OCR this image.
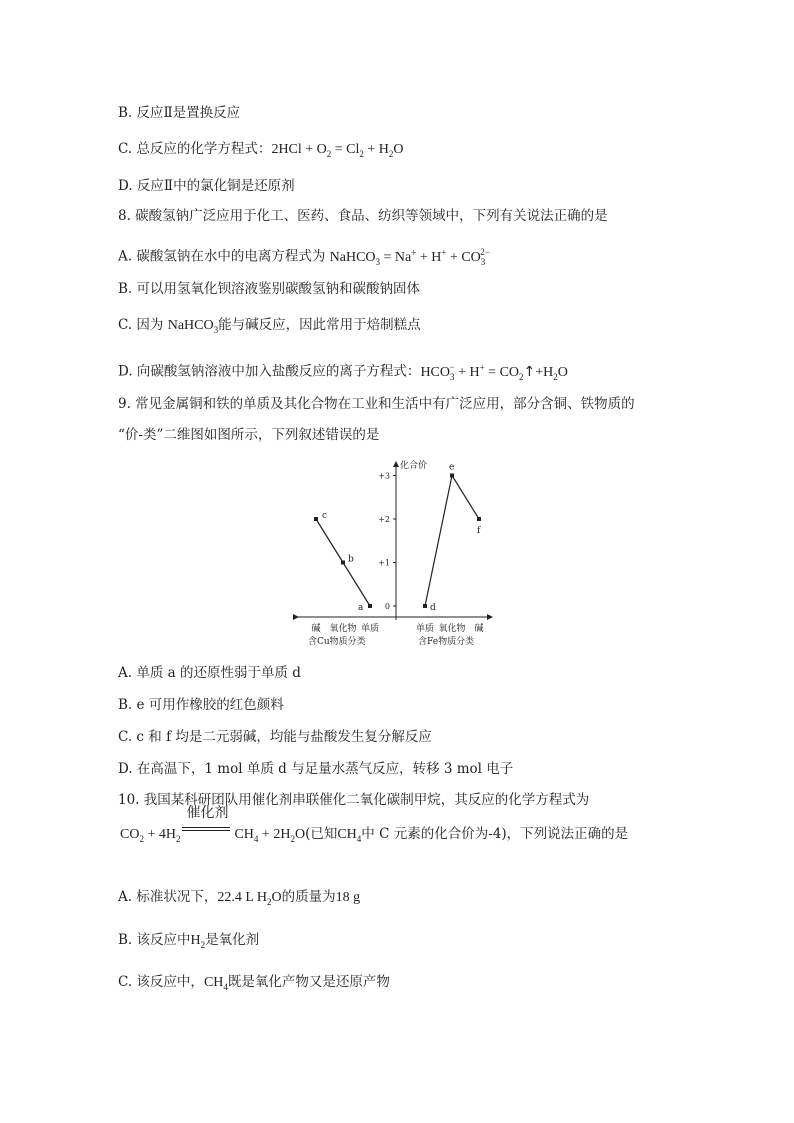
B. 反应Ⅱ是置换反应
C. 总反应的化学方程式：$2HCl + O_2 = Cl_2 + H_2O$
D. 反应Ⅱ中的氯化铜是还原剂
8. 碳酸氢钠广泛应用于化工、医药、食品、纺织等领域中，下列有关说法正确的是
A. 碳酸氢钠在水中的电离方程式为 NaHCO$_3$ = $Na^+ + H^+ + CO_3^{2-}$
B. 可以用氢氧化钡溶液鉴别碳酸氢钠和碳酸钠固体
C. 因为 NaHCO$_3$能与碱反应，因此常用于焙制糕点
D. 向碳酸氢钠溶液中加入盐酸反应的离子方程式：$HCO_3^- + H^+$ = $CO_2↑+H_2O$
9. 常见金属铜和铁的单质及其化合物在工业和生活中有广泛应用，部分含铜、铁物质的
“价-类”二维图如图所示，下列叙述错误的是
化合价
+3
+2
+1
0
碱 氧化物 单质	单质 氧化物 碱
含Cu物质分类	含Fe物质分类
c
b
a	d
e
f
A. 单质 a 的还原性弱于单质 d
B. e 可用作橡胶的红色颜料
C. c 和 f 均是二元弱碱，均能与盐酸发生复分解反应
D. 在高温下，1 mol 单质 d 与足量水蒸气反应，转移 3 mol 电子
10. 我国某科研团队用催化剂串联催化二氧化碳制甲烷，其反应的化学方程式为
$CO_2 + 4H_2$
催化剂
$CH_4 + 2H_2O$(已知$CH_4$中 C 元素的化合价为-4)，下列说法正确的是
A. 标准状况下，22.4 L $H_2O$的质量为18 g
B. 该反应中$H_2$是氧化剂
C. 该反应中，$CH_4$既是氧化产物又是还原产物
